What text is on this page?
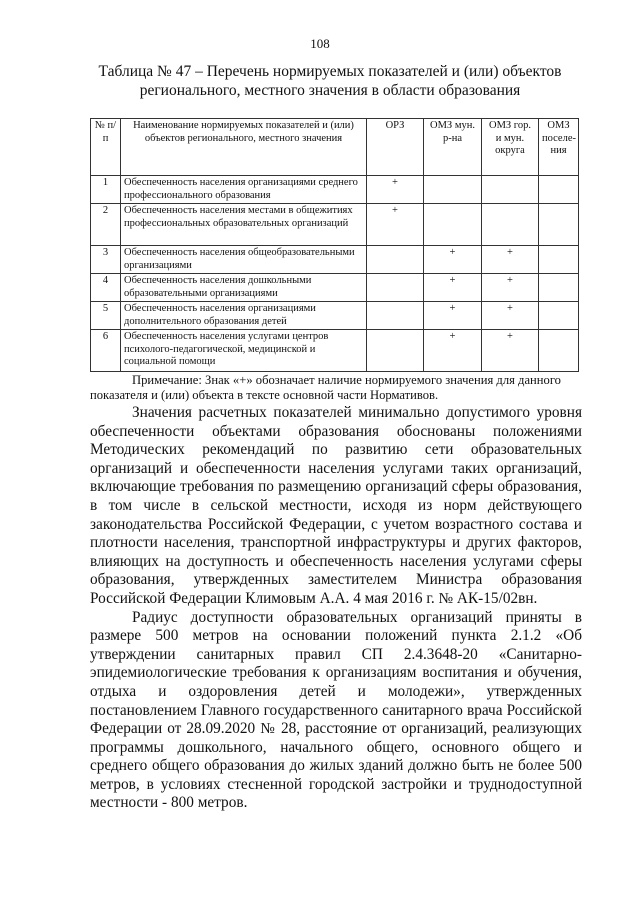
108
Таблица № 47 – Перечень нормируемых показателей и (или) объектов
регионального, местного значения в области образования
№ п/п	Наименование нормируемых показателей и (или) объектов регионального, местного значения	ОРЗ	ОМЗ мун. р-на	ОМЗ гор. и мун. округа	ОМЗ поселе-ния
1	Обеспеченность населения организациями среднего профессионального образования	+			
2	Обеспеченность населения местами в общежитиях профессиональных образовательных организаций	+			
3	Обеспеченность населения общеобразовательными организациями		+	+	
4	Обеспеченность населения дошкольными образовательными организациями		+	+	
5	Обеспеченность населения организациями дополнительного образования детей		+	+	
6	Обеспеченность населения услугами центров психолого-педагогической, медицинской и социальной помощи		+	+	
Примечание: Знак «+» обозначает наличие нормируемого значения для данного
показателя и (или) объекта в тексте основной части Нормативов.

Значения расчетных показателей минимально допустимого уровня обеспеченности объектами образования обоснованы положениями Методических рекомендаций по развитию сети образовательных организаций и обеспеченности населения услугами таких организаций, включающие требования по размещению организаций сферы образования, в том числе в сельской местности, исходя из норм действующего законодательства Российской Федерации, с учетом возрастного состава и плотности населения, транспортной инфраструктуры и других факторов, влияющих на доступность и обеспеченность населения услугами сферы образования, утвержденных заместителем Министра образования Российской Федерации Климовым А.А. 4 мая 2016 г. № АК-15/02вн.

Радиус доступности образовательных организаций приняты в размере 500 метров на основании положений пункта 2.1.2 «Об утверждении санитарных правил СП 2.4.3648-20 «Санитарно-эпидемиологические требования к организациям воспитания и обучения, отдыха и оздоровления детей и молодежи», утвержденных постановлением Главного государственного санитарного врача Российской Федерации от 28.09.2020 № 28, расстояние от организаций, реализующих программы дошкольного, начального общего, основного общего и среднего общего образования до жилых зданий должно быть не более 500 метров, в условиях стесненной городской застройки и труднодоступной местности - 800 метров.
